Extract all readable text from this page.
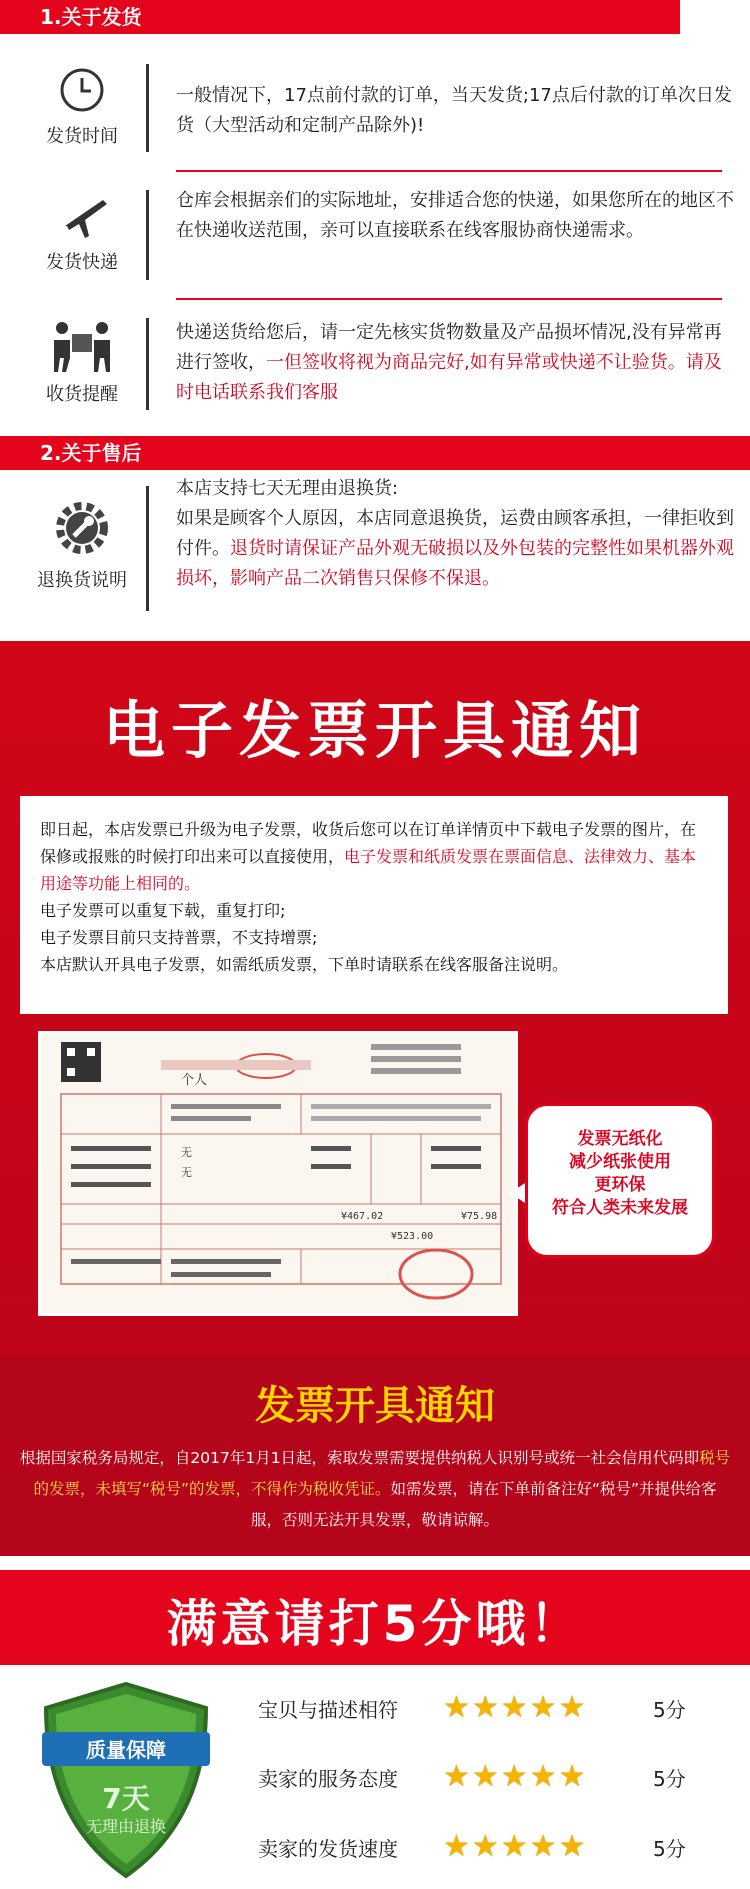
1.关于发货
发货时间
一般情况下，17点前付款的订单，当天发货;17点后付款的订单次日发货（大型活动和定制产品除外)!
发货快递
仓库会根据亲们的实际地址，安排适合您的快递，如果您所在的地区不在快递收送范围，亲可以直接联系在线客服协商快递需求。
收货提醒
快递送货给您后，请一定先核实货物数量及产品损坏情况,没有异常再进行签收，一但签收将视为商品完好,如有异常或快递不让验货。请及时电话联系我们客服
2.关于售后
退换货说明
本店支持七天无理由退换货:
如果是顾客个人原因，本店同意退换货，运费由顾客承担，一律拒收到付件。退货时请保证产品外观无破损以及外包装的完整性如果机器外观损坏，影响产品二次销售只保修不保退。
电子发票开具通知
即日起，本店发票已升级为电子发票，收货后您可以在订单详情页中下载电子发票的图片，在保修或报账的时候打印出来可以直接使用，电子发票和纸质发票在票面信息、法律效力、基本用途等功能上相同的。
电子发票可以重复下载，重复打印;
电子发票目前只支持普票，不支持增票;
本店默认开具电子发票，如需纸质发票，下单时请联系在线客服备注说明。
个人
无
无
¥467.02	¥75.98
¥523.00
发票无纸化
减少纸张使用
更环保
符合人类未来发展
发票开具通知
根据国家税务局规定，自2017年1月1日起，索取发票需要提供纳税人识别号或统一社会信用代码即税号的发票，未填写“税号”的发票，不得作为税收凭证。如需发票，请在下单前备注好“税号”并提供给客服，否则无法开具发票，敬请谅解。
满意请打5分哦！
质量保障
7天
无理由退换
宝贝与描述相符 ★★★★★	5分
卖家的服务态度 ★★★★★	5分
卖家的发货速度 ★★★★★	5分
